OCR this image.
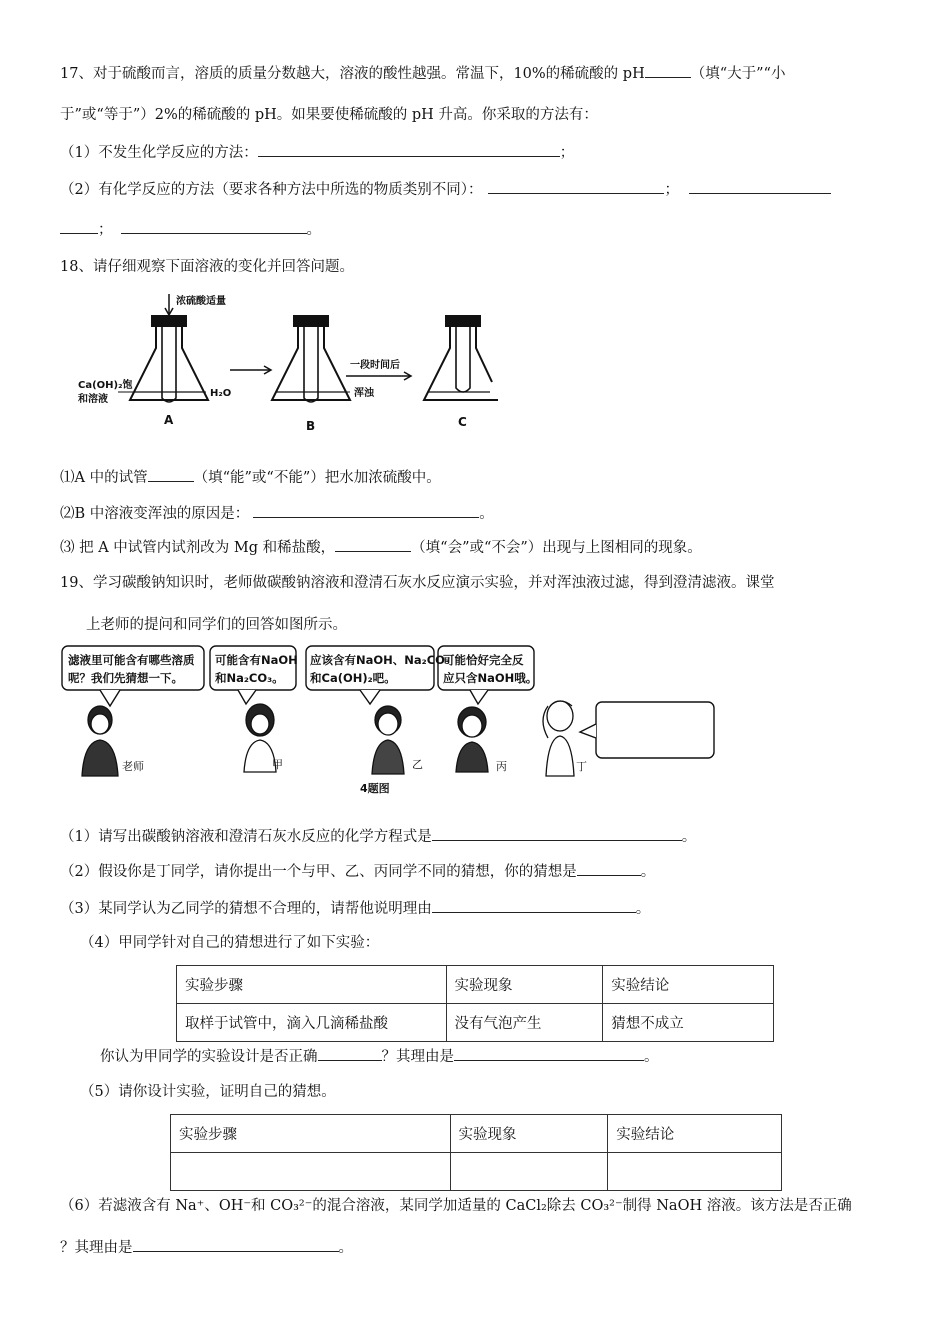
17、对于硫酸而言，溶质的质量分数越大，溶液的酸性越强。常温下，10%的稀硫酸的 pH	（填“大于”“小
于”或“等于”）2%的稀硫酸的 pH。如果要使稀硫酸的 pH 升高。你采取的方法有：
（1）不发生化学反应的方法：	；
（2）有化学反应的方法（要求各种方法中所选的物质类别不同）：	；
；	。
18、请仔细观察下面溶液的变化并回答问题。
浓硫酸适量
Ca(OH)₂饱
和溶液
H₂O
一段时间后
浑浊
A	B	C
⑴A 中的试管	（填“能”或“不能”）把水加浓硫酸中。
⑵B 中溶液变浑浊的原因是：	。
⑶ 把 A 中试管内试剂改为 Mg 和稀盐酸，	（填“会”或“不会”）出现与上图相同的现象。
19、学习碳酸钠知识时，老师做碳酸钠溶液和澄清石灰水反应演示实验，并对浑浊液过滤，得到澄清滤液。课堂
上老师的提问和同学们的回答如图所示。
滤液里可能含有哪些溶质
呢？我们先猜想一下。
可能含有NaOH
和Na₂CO₃。
应该含有NaOH、Na₂CO₃
和Ca(OH)₂吧。
可能恰好完全反
应只含NaOH哦。
老师	甲	乙	丙	丁
4题图
（1）请写出碳酸钠溶液和澄清石灰水反应的化学方程式是	。
（2）假设你是丁同学，请你提出一个与甲、乙、丙同学不同的猜想，你的猜想是	。
（3）某同学认为乙同学的猜想不合理的，请帮他说明理由	。
（4）甲同学针对自己的猜想进行了如下实验：
实验步骤	实验现象	实验结论
取样于试管中，滴入几滴稀盐酸	没有气泡产生	猜想不成立
你认为甲同学的实验设计是否正确	？其理由是	。
（5）请你设计实验，证明自己的猜想。
实验步骤	实验现象	实验结论

（6）若滤液含有 Na⁺、OH⁻和 CO₃²⁻的混合溶液，某同学加适量的 CaCl₂除去 CO₃²⁻制得 NaOH 溶液。该方法是否正确
？其理由是	。
